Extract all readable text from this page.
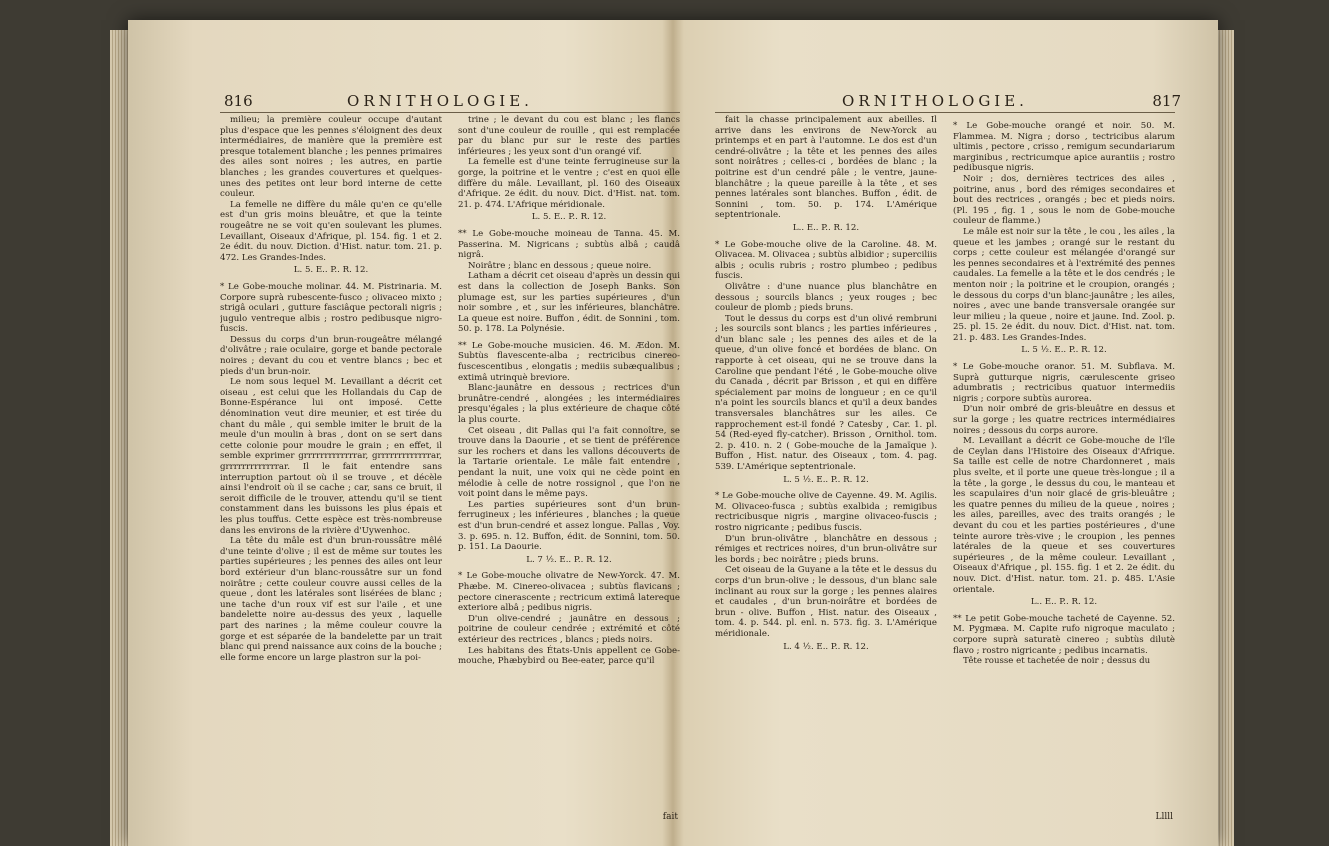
816	ORNITHOLOGIE.

milieu; la première couleur occupe d'autant plus d'espace que les pennes s'éloignent des deux intermédiaires, de manière que la première est presque totalement blanche ; les pennes primaires des ailes sont noires ; les autres, en partie blanches ; les grandes couvertures et quelques-unes des petites ont leur bord interne de cette couleur.

La femelle ne diffère du mâle qu'en ce qu'elle est d'un gris moins bleuâtre, et que la teinte rougeâtre ne se voit qu'en soulevant les plumes. Levaillant, Oiseaux d'Afrique, pl. 154. fig. 1 et 2. 2e édit. du nouv. Diction. d'Hist. natur. tom. 21. p. 472. Les Grandes-Indes.

L. 5. E.. P.. R. 12.

* Le Gobe-mouche molinar. 44. M. Pistrinaria. M. Corpore suprà rubescente-fusco ; olivaceo mixto ; strigâ oculari , gutture fasciâque pectorali nigris ; jugulo ventreque albis ; rostro pedibusque nigro-fuscis.

Dessus du corps d'un brun-rougeâtre mélangé d'olivâtre ; raie oculaire, gorge et bande pectorale noires ; devant du cou et ventre blancs ; bec et pieds d'un brun-noir.

Le nom sous lequel M. Levaillant a décrit cet oiseau , est celui que les Hollandais du Cap de Bonne-Espérance lui ont imposé. Cette dénomination veut dire meunier, et est tirée du chant du mâle , qui semble imiter le bruit de la meule d'un moulin à bras , dont on se sert dans cette colonie pour moudre le grain ; en effet, il semble exprimer grrrrrrrrrrrrrar, grrrrrrrrrrrrrar, grrrrrrrrrrrrrar. Il le fait entendre sans interruption partout où il se trouve , et décèle ainsi l'endroit où il se cache ; car, sans ce bruit, il seroit difficile de le trouver, attendu qu'il se tient constamment dans les buissons les plus épais et les plus touffus. Cette espèce est très-nombreuse dans les environs de la rivière d'Uywenhoc.

La tête du mâle est d'un brun-roussâtre mêlé d'une teinte d'olive ; il est de même sur toutes les parties supérieures ; les pennes des ailes ont leur bord extérieur d'un blanc-roussâtre sur un fond noirâtre ; cette couleur couvre aussi celles de la queue , dont les latérales sont lisérées de blanc ; une tache d'un roux vif est sur l'aile , et une bandelette noire au-dessus des yeux , laquelle part des narines ; la même couleur couvre la gorge et est séparée de la bandelette par un trait blanc qui prend naissance aux coins de la bouche ; elle forme encore un large plastron sur la poi-

trine ; le devant du cou est blanc ; les flancs sont d'une couleur de rouille , qui est remplacée par du blanc pur sur le reste des parties inférieures ; les yeux sont d'un orangé vif.

La femelle est d'une teinte ferrugineuse sur la gorge, la poitrine et le ventre ; c'est en quoi elle diffère du mâle. Levaillant, pl. 160 des Oiseaux d'Afrique. 2e édit. du nouv. Dict. d'Hist. nat. tom. 21. p. 474. L'Afrique méridionale.

L. 5. E.. P.. R. 12.

** Le Gobe-mouche moineau de Tanna. 45. M. Passerina. M. Nigricans ; subtùs albâ ; caudâ nigrâ.

Noirâtre ; blanc en dessous ; queue noire.

Latham a décrit cet oiseau d'après un dessin qui est dans la collection de Joseph Banks. Son plumage est, sur les parties supérieures , d'un noir sombre , et , sur les inférieures, blanchâtre. La queue est noire. Buffon , édit. de Sonnini , tom. 50. p. 178. La Polynésie.

** Le Gobe-mouche musicien. 46. M. Ædon. M. Subtùs flavescente-alba ; rectricibus cinereo-fuscescentibus , elongatis ; mediis subæqualibus ; extimâ utrinquè breviore.

Blanc-jaunâtre en dessous ; rectrices d'un brunâtre-cendré , alongées ; les intermédiaires presqu'égales ; la plus extérieure de chaque côté la plus courte.

Cet oiseau , dit Pallas qui l'a fait connoître, se trouve dans la Daourie , et se tient de préférence sur les rochers et dans les vallons découverts de la Tartarie orientale. Le mâle fait entendre , pendant la nuit, une voix qui ne cède point en mélodie à celle de notre rossignol , que l'on ne voit point dans le même pays.

Les parties supérieures sont d'un brun-ferrugineux ; les inférieures , blanches ; la queue est d'un brun-cendré et assez longue. Pallas , Voy. 3. p. 695. n. 12. Buffon, édit. de Sonnini, tom. 50. p. 151. La Daourie.

L. 7 ½. E.. P.. R. 12.

* Le Gobe-mouche olivatre de New-Yorck. 47. M. Phæbe. M. Cinereo-olivacea ; subtùs flavicans ; pectore cinerascente ; rectricum extimâ latereque exteriore albâ ; pedibus nigris.

D'un olive-cendré ; jaunâtre en dessous ; poitrine de couleur cendrée ; extrémité et côté extérieur des rectrices , blancs ; pieds noirs.

Les habitans des États-Unis appellent ce Gobe-mouche, Phæbybird ou Bee-eater, parce qu'il

fait
ORNITHOLOGIE.	817

fait la chasse principalement aux abeilles. Il arrive dans les environs de New-Yorck au printemps et en part à l'automne. Le dos est d'un cendré-olivâtre ; la tête et les pennes des ailes sont noirâtres ; celles-ci , bordées de blanc ; la poitrine est d'un cendré pâle ; le ventre, jaune-blanchâtre ; la queue pareille à la tête , et ses pennes latérales sont blanches. Buffon , édit. de Sonnini , tom. 50. p. 174. L'Amérique septentrionale.

L.. E.. P.. R. 12.

* Le Gobe-mouche olive de la Caroline. 48. M. Olivacea. M. Olivacea ; subtùs albidior ; superciliis albis ; oculis rubris ; rostro plumbeo ; pedibus fuscis.

Olivâtre : d'une nuance plus blanchâtre en dessous ; sourcils blancs ; yeux rouges ; bec couleur de plomb ; pieds bruns.

Tout le dessus du corps est d'un olivé rembruni ; les sourcils sont blancs ; les parties inférieures , d'un blanc sale ; les pennes des ailes et de la queue, d'un olive foncé et bordées de blanc. On rapporte à cet oiseau, qui ne se trouve dans la Caroline que pendant l'été , le Gobe-mouche olive du Canada , décrit par Brisson , et qui en diffère spécialement par moins de longueur ; en ce qu'il n'a point les sourcils blancs et qu'il a deux bandes transversales blanchâtres sur les ailes. Ce rapprochement est-il fondé ? Catesby , Car. 1. pl. 54 (Red-eyed fly-catcher). Brisson , Ornithol. tom. 2. p. 410. n. 2 ( Gobe-mouche de la Jamaïque ). Buffon , Hist. natur. des Oiseaux , tom. 4. pag. 539. L'Amérique septentrionale.

L. 5 ½. E.. P.. R. 12.

* Le Gobe-mouche olive de Cayenne. 49. M. Agilis. M. Olivaceo-fusca ; subtùs exalbida ; remigibus rectricibusque nigris , margine olivaceo-fuscis ; rostro nigricante ; pedibus fuscis.

D'un brun-olivâtre , blanchâtre en dessous ; rémiges et rectrices noires, d'un brun-olivâtre sur les bords ; bec noirâtre ; pieds bruns.

Cet oiseau de la Guyane a la tête et le dessus du corps d'un brun-olive ; le dessous, d'un blanc sale inclinant au roux sur la gorge ; les pennes alaires et caudales , d'un brun-noirâtre et bordées de brun - olive. Buffon , Hist. natur. des Oiseaux , tom. 4. p. 544. pl. enl. n. 573. fig. 3. L'Amérique méridionale.

L. 4 ½. E.. P.. R. 12.

* Le Gobe-mouche orangé et noir. 50. M. Flammea. M. Nigra ; dorso , tectricibus alarum ultimis , pectore , crisso , remigum secundariarum marginibus , rectricumque apice aurantiis ; rostro pedibusque nigris.

Noir ; dos, dernières tectrices des ailes , poitrine, anus , bord des rémiges secondaires et bout des rectrices , orangés ; bec et pieds noirs. (Pl. 195 , fig. 1 , sous le nom de Gobe-mouche couleur de flamme.)

Le mâle est noir sur la tête , le cou , les ailes , la queue et les jambes ; orangé sur le restant du corps ; cette couleur est mélangée d'orangé sur les pennes secondaires et à l'extrémité des pennes caudales. La femelle a la tête et le dos cendrés ; le menton noir ; la poitrine et le croupion, orangés ; le dessous du corps d'un blanc-jaunâtre ; les ailes, noires , avec une bande transversale orangée sur leur milieu ; la queue , noire et jaune. Ind. Zool. p. 25. pl. 15. 2e édit. du nouv. Dict. d'Hist. nat. tom. 21. p. 483. Les Grandes-Indes.

L. 5 ½. E.. P.. R. 12.

* Le Gobe-mouche oranor. 51. M. Subflava. M. Suprà gutturque nigris, cærulescente griseo adumbratis ; rectricibus quatuor intermediis nigris ; corpore subtùs aurorea.

D'un noir ombré de gris-bleuâtre en dessus et sur la gorge ; les quatre rectrices intermédiaires noires ; dessous du corps aurore.

M. Levaillant a décrit ce Gobe-mouche de l'île de Ceylan dans l'Histoire des Oiseaux d'Afrique. Sa taille est celle de notre Chardonneret , mais plus svelte, et il porte une queue très-longue ; il a la tête , la gorge , le dessus du cou, le manteau et les scapulaires d'un noir glacé de gris-bleuâtre ; les quatre pennes du milieu de la queue , noires ; les ailes, pareilles, avec des traits orangés ; le devant du cou et les parties postérieures , d'une teinte aurore très-vive ; le croupion , les pennes latérales de la queue et ses couvertures supérieures , de la même couleur. Levaillant , Oiseaux d'Afrique , pl. 155. fig. 1 et 2. 2e édit. du nouv. Dict. d'Hist. natur. tom. 21. p. 485. L'Asie orientale.

L.. E.. P.. R. 12.

** Le petit Gobe-mouche tacheté de Cayenne. 52. M. Pygmæa. M. Capite rufo nigroque maculato ; corpore suprà saturatè cinereo ; subtùs dilutè flavo ; rostro nigricante ; pedibus incarnatis.

Tête rousse et tachetée de noir ; dessus du

Lllll
